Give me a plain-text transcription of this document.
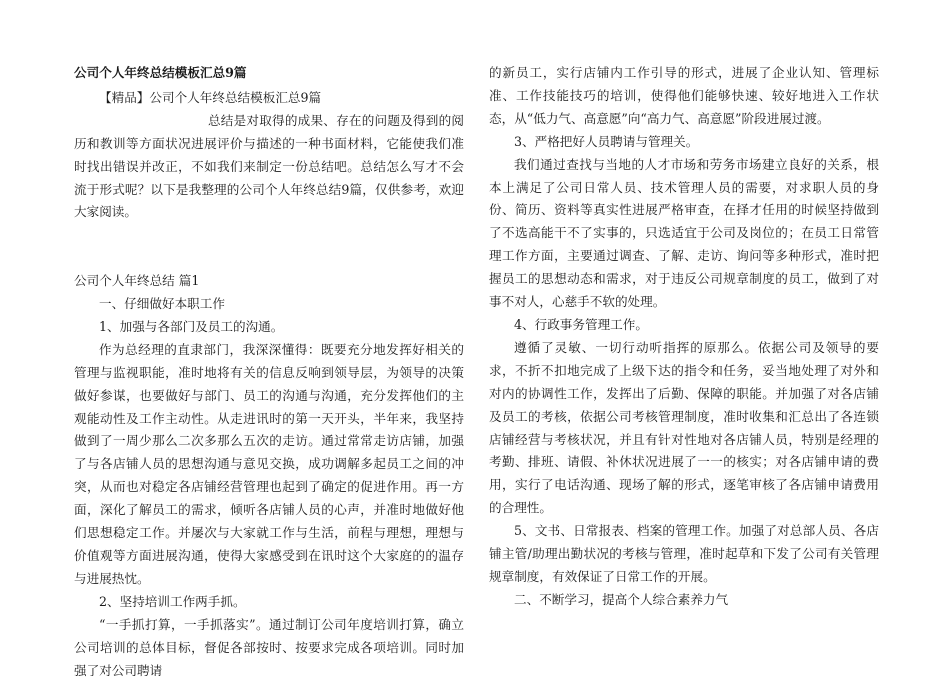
公司个人年终总结模板汇总9篇

【精品】公司个人年终总结模板汇总9篇

总结是对取得的成果、存在的问题及得到的阅历和教训等方面状况进展评价与描述的一种书面材料，它能使我们准时找出错误并改正，不如我们来制定一份总结吧。总结怎么写才不会流于形式呢？以下是我整理的公司个人年终总结9篇，仅供参考，欢迎大家阅读。

公司个人年终总结 篇1

一、仔细做好本职工作

1、加强与各部门及员工的沟通。

作为总经理的直隶部门，我深深懂得：既要充分地发挥好相关的管理与监视职能，准时地将有关的信息反响到领导层，为领导的决策做好参谋，也要做好与部门、员工的沟通与沟通，充分发挥他们的主观能动性及工作主动性。从走进讯时的第一天开头，半年来，我坚持做到了一周少那么二次多那么五次的走访。通过常常走访店铺，加强了与各店铺人员的思想沟通与意见交换，成功调解多起员工之间的冲突，从而也对稳定各店铺经营管理也起到了确定的促进作用。再一方面，深化了解员工的需求，倾听各店铺人员的心声，并准时地做好他们思想稳定工作。并屡次与大家就工作与生活，前程与理想，理想与价值观等方面进展沟通，使得大家感受到在讯时这个大家庭的的温存与进展热忱。

2、坚持培训工作两手抓。

“一手抓打算，一手抓落实”。通过制订公司年度培训打算，确立公司培训的总体目标，督促各部按时、按要求完成各项培训。同时加强了对公司聘请

的新员工，实行店铺内工作引导的形式，进展了企业认知、管理标准、工作技能技巧的培训，使得他们能够快速、较好地进入工作状态，从“低力气、高意愿”向“高力气、高意愿”阶段进展过渡。

3、严格把好人员聘请与管理关。

我们通过查找与当地的人才市场和劳务市场建立良好的关系，根本上满足了公司日常人员、技术管理人员的需要，对求职人员的身份、简历、资料等真实性进展严格审查，在择才任用的时候坚持做到了不选高能干不了实事的，只选适宜于公司及岗位的；在员工日常管理工作方面，主要通过调查、了解、走访、询问等多种形式，准时把握员工的思想动态和需求，对于违反公司规章制度的员工，做到了对事不对人，心慈手不软的处理。

4、行政事务管理工作。

遵循了灵敏、一切行动听指挥的原那么。依据公司及领导的要求，不折不扣地完成了上级下达的指令和任务，妥当地处理了对外和对内的协调性工作，发挥出了后勤、保障的职能。并加强了对各店铺及员工的考核，依据公司考核管理制度，准时收集和汇总出了各连锁店铺经营与考核状况，并且有针对性地对各店铺人员，特别是经理的考勤、排班、请假、补休状况进展了一一的核实；对各店铺申请的费用，实行了电话沟通、现场了解的形式，逐笔审核了各店铺申请费用的合理性。

5、文书、日常报表、档案的管理工作。加强了对总部人员、各店铺主管/助理出勤状况的考核与管理，准时起草和下发了公司有关管理规章制度，有效保证了日常工作的开展。

二、不断学习，提高个人综合素养力气
